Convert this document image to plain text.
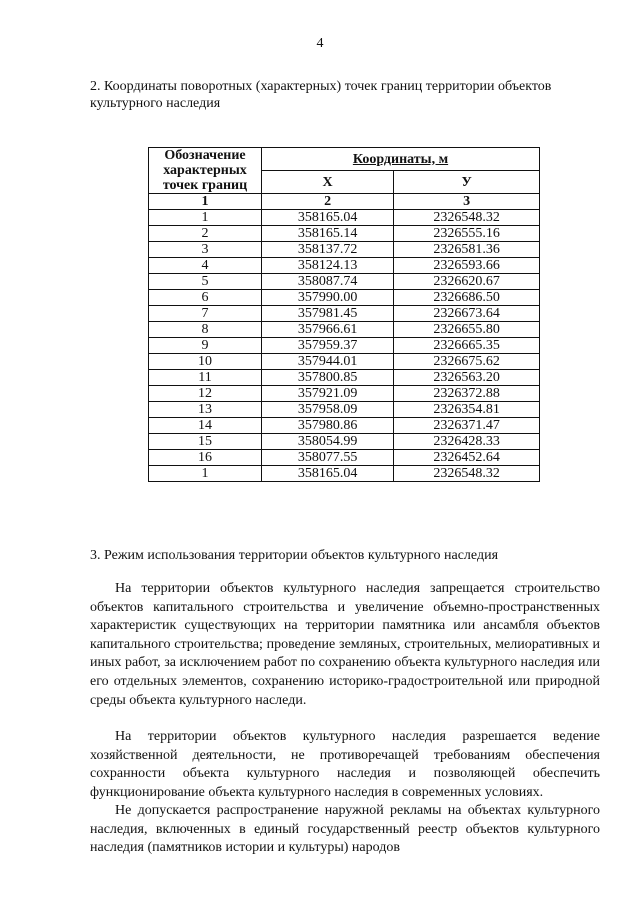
4
2. Координаты поворотных (характерных) точек границ территории объектов культурного наследия
Обозначение характерных точек границ	Координаты, м	
	X	У
1	2	3
1	358165.04	2326548.32
2	358165.14	2326555.16
3	358137.72	2326581.36
4	358124.13	2326593.66
5	358087.74	2326620.67
6	357990.00	2326686.50
7	357981.45	2326673.64
8	357966.61	2326655.80
9	357959.37	2326665.35
10	357944.01	2326675.62
11	357800.85	2326563.20
12	357921.09	2326372.88
13	357958.09	2326354.81
14	357980.86	2326371.47
15	358054.99	2326428.33
16	358077.55	2326452.64
1	358165.04	2326548.32
3. Режим использования территории объектов культурного наследия

На территории объектов культурного наследия запрещается строительство объектов капитального строительства и увеличение объемно-пространственных характеристик существующих на территории памятника или ансамбля объектов капитального строительства; проведение земляных, строительных, мелиоративных и иных работ, за исключением работ по сохранению объекта культурного наследия или его отдельных элементов, сохранению историко-градостроительной или природной среды объекта культурного наследи.

На территории объектов культурного наследия разрешается ведение хозяйственной деятельности, не противоречащей требованиям обеспечения сохранности объекта культурного наследия и позволяющей обеспечить функционирование объекта культурного наследия в современных условиях.

Не допускается распространение наружной рекламы на объектах культурного наследия, включенных в единый государственный реестр объектов культурного наследия (памятников истории и культуры) народов
